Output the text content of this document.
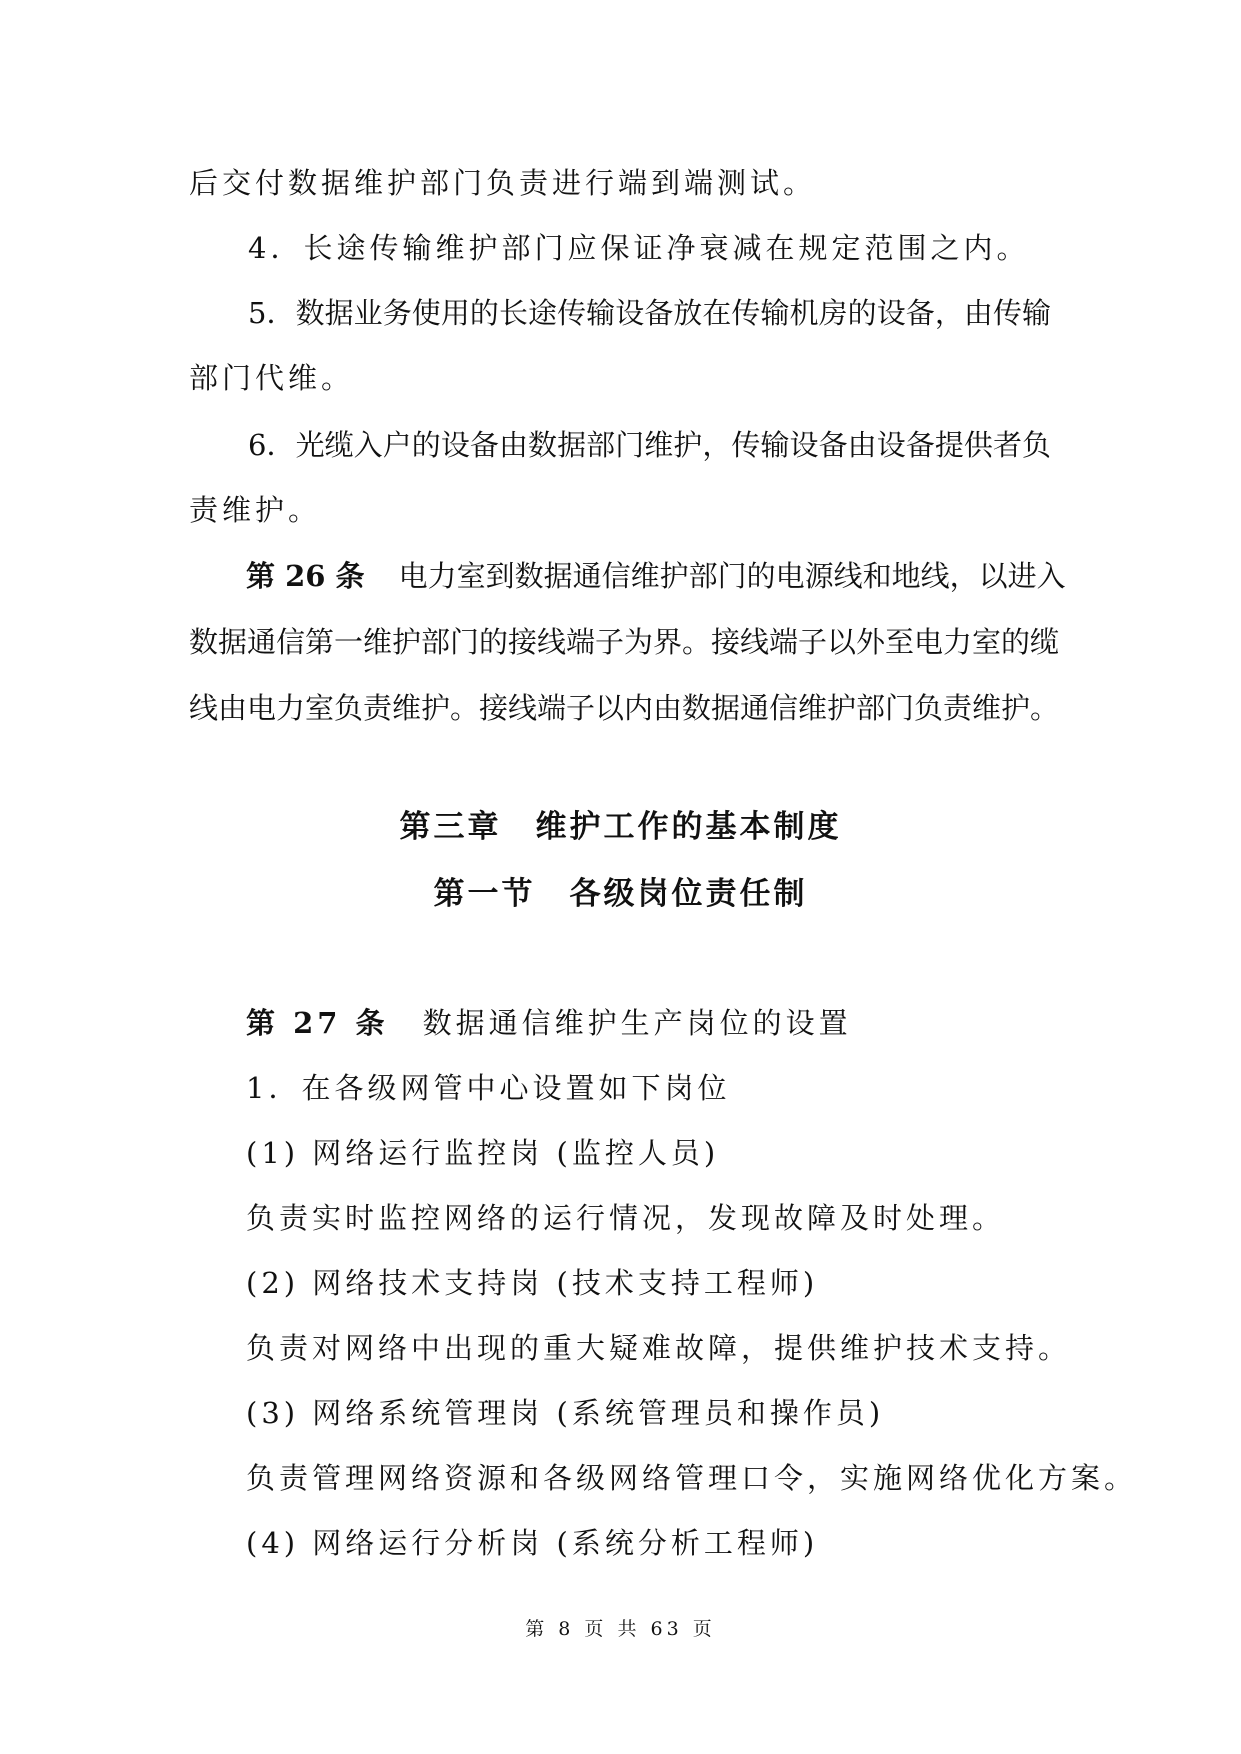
后交付数据维护部门负责进行端到端测试。
4．长途传输维护部门应保证净衰减在规定范围之内。
5．数据业务使用的长途传输设备放在传输机房的设备，由传输
部门代维。
6．光缆入户的设备由数据部门维护，传输设备由设备提供者负
责维护。
第 26 条 电力室到数据通信维护部门的电源线和地线，以进入
数据通信第一维护部门的接线端子为界。接线端子以外至电力室的缆
线由电力室负责维护。接线端子以内由数据通信维护部门负责维护。
第三章　维护工作的基本制度
第一节　各级岗位责任制
第 27 条 数据通信维护生产岗位的设置
1．在各级网管中心设置如下岗位
(1) 网络运行监控岗 (监控人员)
负责实时监控网络的运行情况，发现故障及时处理。
(2) 网络技术支持岗 (技术支持工程师)
负责对网络中出现的重大疑难故障，提供维护技术支持。
(3) 网络系统管理岗 (系统管理员和操作员)
负责管理网络资源和各级网络管理口令，实施网络优化方案。
(4) 网络运行分析岗 (系统分析工程师)
第 8 页 共 63 页
